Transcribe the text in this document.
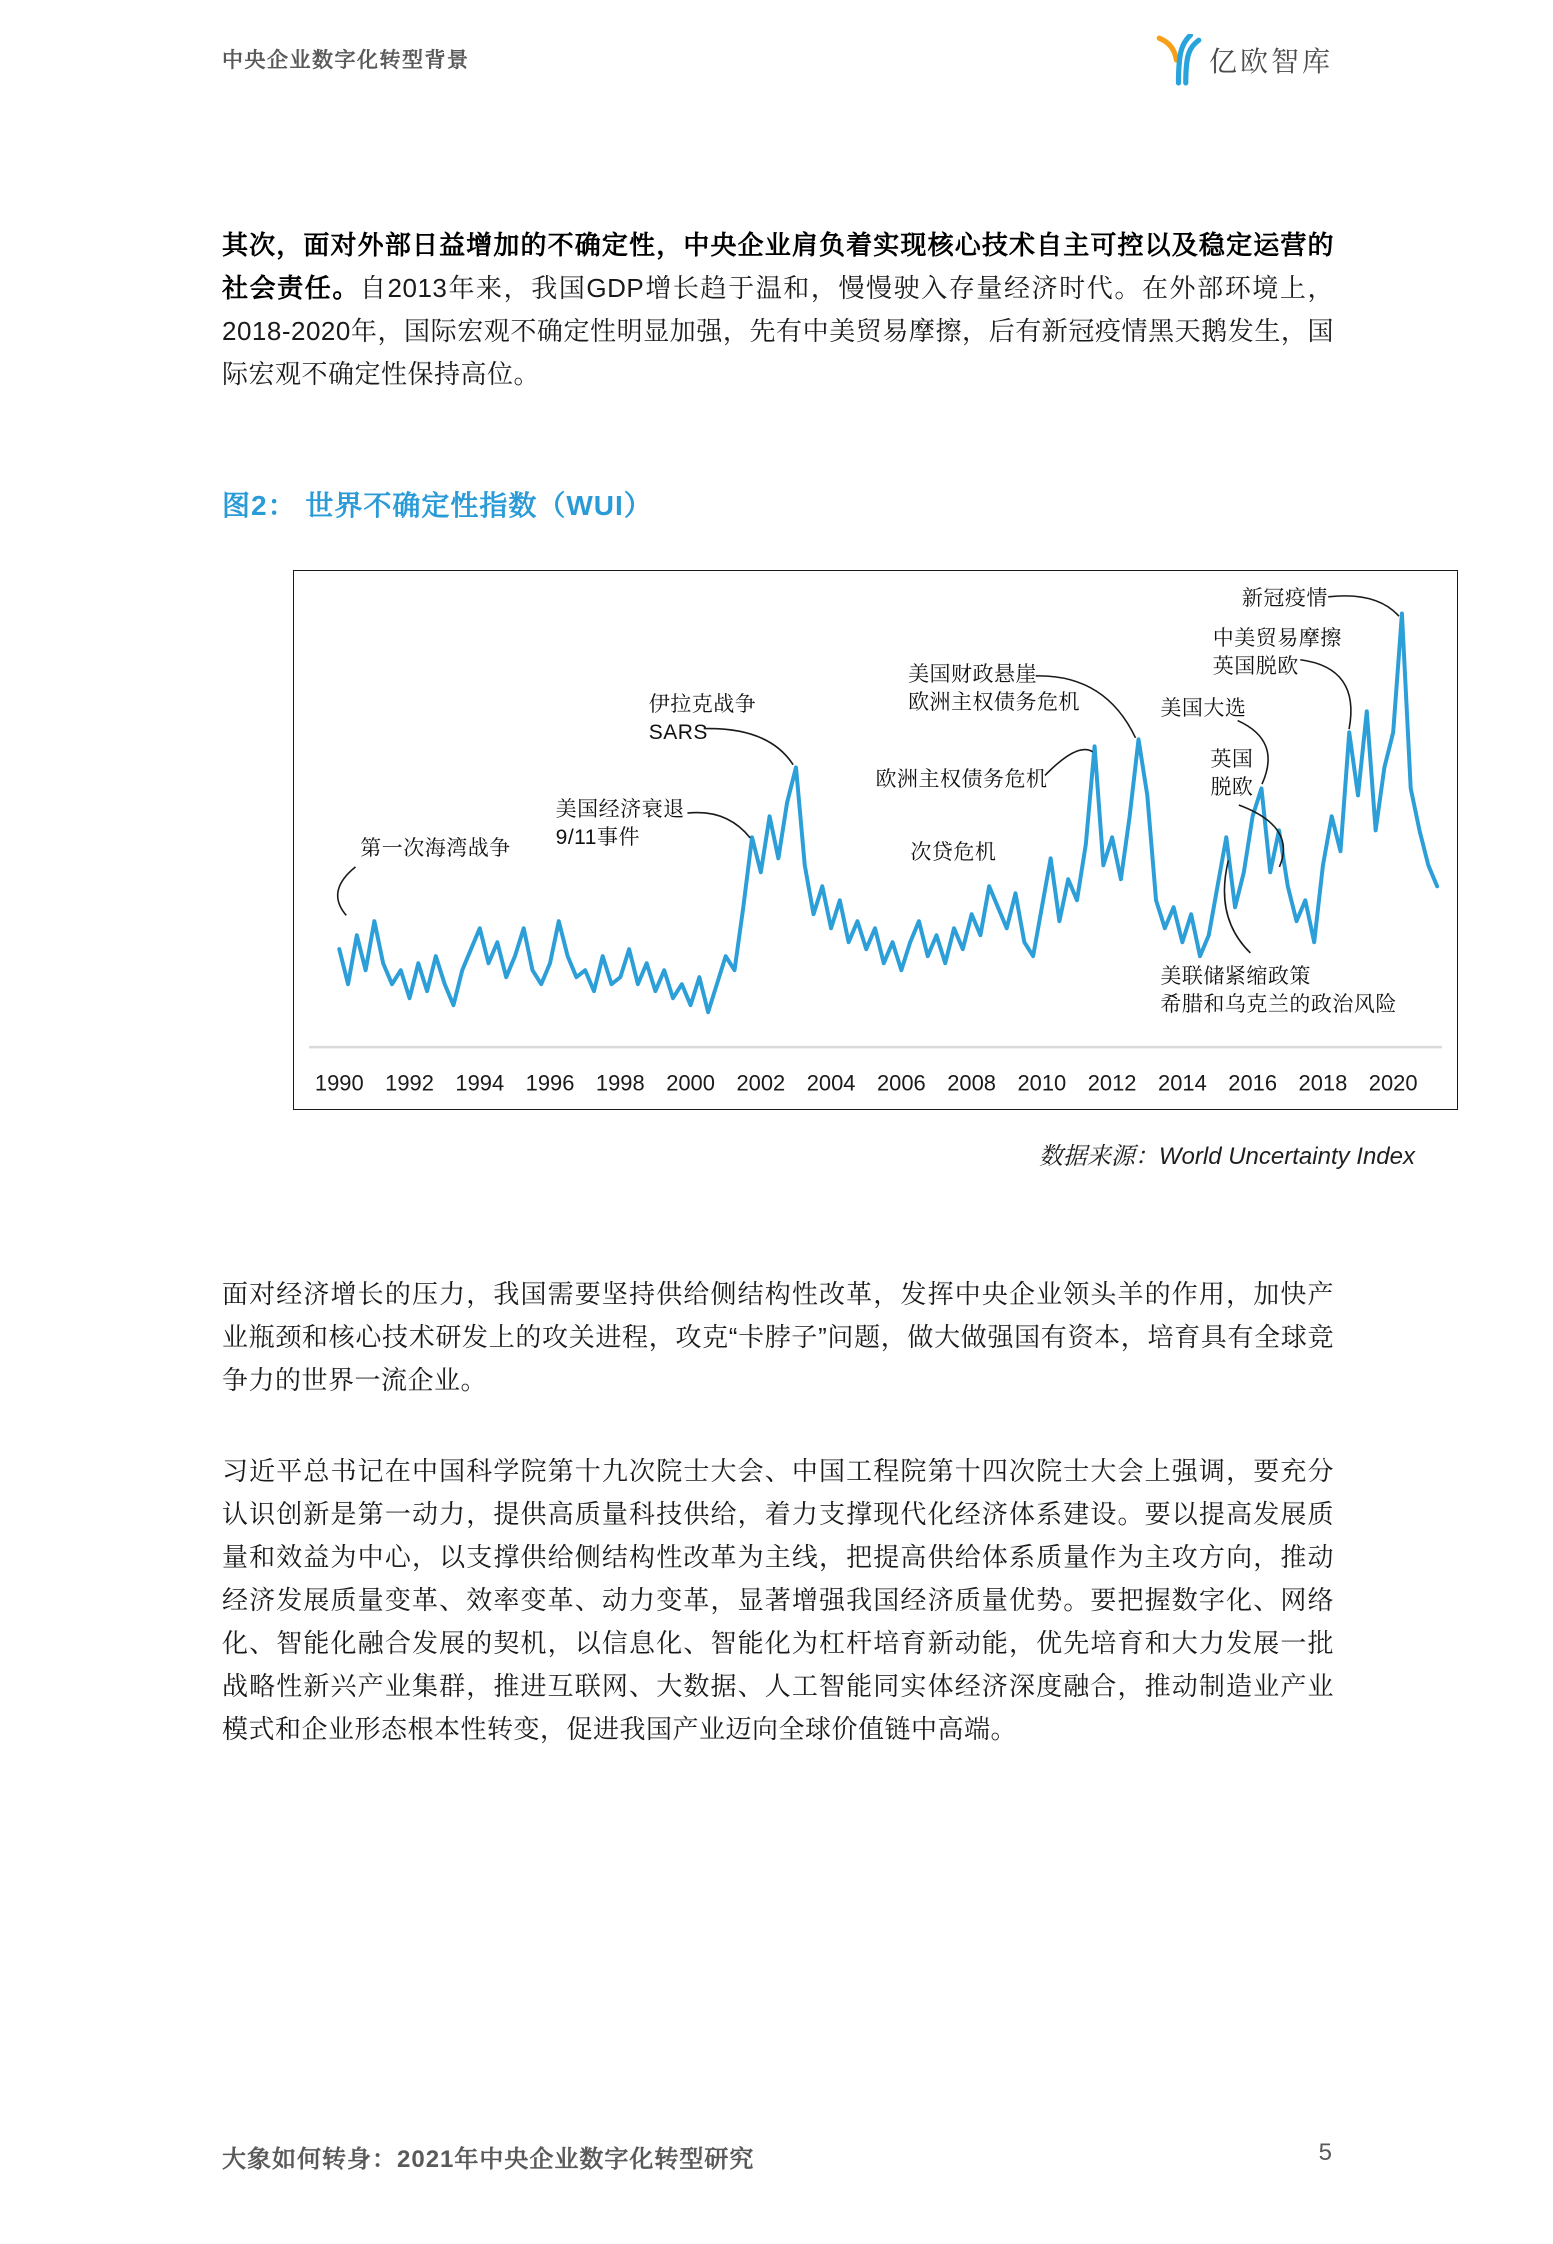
中央企业数字化转型背景	亿欧智库

其次，面对外部日益增加的不确定性，中央企业肩负着实现核心技术自主可控以及稳定运营的社会责任。自2013年来，我国GDP增长趋于温和，慢慢驶入存量经济时代。在外部环境上，2018-2020年，国际宏观不确定性明显加强，先有中美贸易摩擦，后有新冠疫情黑天鹅发生，国际宏观不确定性保持高位。

图2： 世界不确定性指数（WUI）
1990 1992 1994 1996 1998 2000 2002 2004 2006 2008 2010 2012 2014 2016 2018 2020
第一次海湾战争
美国经济衰退
9/11事件
伊拉克战争
SARS
次贷危机
美国财政悬崖
欧洲主权债务危机
欧洲主权债务危机
美国大选
英国
脱欧
中美贸易摩擦
英国脱欧
新冠疫情
美联储紧缩政策
希腊和乌克兰的政治风险
数据来源：World Uncertainty Index

面对经济增长的压力，我国需要坚持供给侧结构性改革，发挥中央企业领头羊的作用，加快产业瓶颈和核心技术研发上的攻关进程，攻克“卡脖子”问题，做大做强国有资本，培育具有全球竞争力的世界一流企业。

习近平总书记在中国科学院第十九次院士大会、中国工程院第十四次院士大会上强调，要充分认识创新是第一动力，提供高质量科技供给，着力支撑现代化经济体系建设。要以提高发展质量和效益为中心，以支撑供给侧结构性改革为主线，把提高供给体系质量作为主攻方向，推动经济发展质量变革、效率变革、动力变革，显著增强我国经济质量优势。要把握数字化、网络化、智能化融合发展的契机，以信息化、智能化为杠杆培育新动能，优先培育和大力发展一批战略性新兴产业集群，推进互联网、大数据、人工智能同实体经济深度融合，推动制造业产业模式和企业形态根本性转变，促进我国产业迈向全球价值链中高端。

大象如何转身：2021年中央企业数字化转型研究	5
